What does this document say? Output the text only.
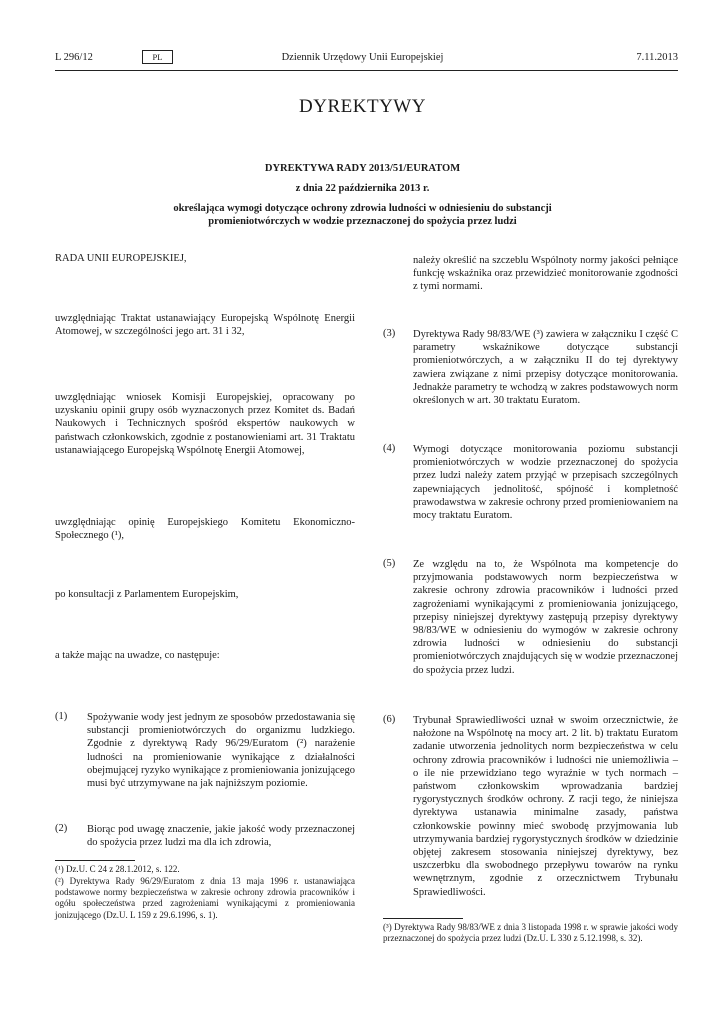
L 296/12	PL	Dziennik Urzędowy Unii Europejskiej	7.11.2013
DYREKTYWY
DYREKTYWA RADY 2013/51/EURATOM
z dnia 22 października 2013 r.
określająca wymogi dotyczące ochrony zdrowia ludności w odniesieniu do substancji
promieniotwórczych w wodzie przeznaczonej do spożycia przez ludzi

RADA UNII EUROPEJSKIEJ,

uwzględniając Traktat ustanawiający Europejską Wspólnotę Energii Atomowej, w szczególności jego art. 31 i 32,

uwzględniając wniosek Komisji Europejskiej, opracowany po uzyskaniu opinii grupy osób wyznaczonych przez Komitet ds. Badań Naukowych i Technicznych spośród ekspertów naukowych w państwach członkowskich, zgodnie z postanowieniami art. 31 Traktatu ustanawiającego Europejską Wspólnotę Energii Atomowej,

uwzględniając opinię Europejskiego Komitetu Ekonomiczno-Społecznego (¹),

po konsultacji z Parlamentem Europejskim,

a także mając na uwadze, co następuje:

(1) Spożywanie wody jest jednym ze sposobów przedostawania się substancji promieniotwórczych do organizmu ludzkiego. Zgodnie z dyrektywą Rady 96/29/Euratom (²) narażenie ludności na promieniowanie wynikające z działalności obejmującej ryzyko wynikające z promieniowania jonizującego musi być utrzymywane na jak najniższym poziomie.

(2) Biorąc pod uwagę znaczenie, jakie jakość wody przeznaczonej do spożycia przez ludzi ma dla ich zdrowia,

(¹) Dz.U. C 24 z 28.1.2012, s. 122.

(²) Dyrektywa Rady 96/29/Euratom z dnia 13 maja 1996 r. ustanawiająca podstawowe normy bezpieczeństwa w zakresie ochrony zdrowia pracowników i ogółu społeczeństwa przed zagrożeniami wynikającymi z promieniowania jonizującego (Dz.U. L 159 z 29.6.1996, s. 1).

należy określić na szczeblu Wspólnoty normy jakości pełniące funkcję wskaźnika oraz przewidzieć monitorowanie zgodności z tymi normami.

(3) Dyrektywa Rady 98/83/WE (³) zawiera w załączniku I część C parametry wskaźnikowe dotyczące substancji promieniotwórczych, a w załączniku II do tej dyrektywy zawiera związane z nimi przepisy dotyczące monitorowania. Jednakże parametry te wchodzą w zakres podstawowych norm określonych w art. 30 traktatu Euratom.

(4) Wymogi dotyczące monitorowania poziomu substancji promieniotwórczych w wodzie przeznaczonej do spożycia przez ludzi należy zatem przyjąć w przepisach szczególnych zapewniających jednolitość, spójność i kompletność prawodawstwa w zakresie ochrony przed promieniowaniem na mocy traktatu Euratom.

(5) Ze względu na to, że Wspólnota ma kompetencje do przyjmowania podstawowych norm bezpieczeństwa w zakresie ochrony zdrowia pracowników i ludności przed zagrożeniami wynikającymi z promieniowania jonizującego, przepisy niniejszej dyrektywy zastępują przepisy dyrektywy 98/83/WE w odniesieniu do wymogów w zakresie ochrony zdrowia ludności w odniesieniu do substancji promieniotwórczych znajdujących się w wodzie przeznaczonej do spożycia przez ludzi.

(6) Trybunał Sprawiedliwości uznał w swoim orzecznictwie, że nałożone na Wspólnotę na mocy art. 2 lit. b) traktatu Euratom zadanie utworzenia jednolitych norm bezpieczeństwa w celu ochrony zdrowia pracowników i ludności nie uniemożliwia – o ile nie przewidziano tego wyraźnie w tych normach – państwom członkowskim wprowadzania bardziej rygorystycznych środków ochrony. Z racji tego, że niniejsza dyrektywa ustanawia minimalne zasady, państwa członkowskie powinny mieć swobodę przyjmowania lub utrzymywania bardziej rygorystycznych środków w dziedzinie objętej zakresem stosowania niniejszej dyrektywy, bez uszczerbku dla swobodnego przepływu towarów na rynku wewnętrznym, zgodnie z orzecznictwem Trybunału Sprawiedliwości.

(³) Dyrektywa Rady 98/83/WE z dnia 3 listopada 1998 r. w sprawie jakości wody przeznaczonej do spożycia przez ludzi (Dz.U. L 330 z 5.12.1998, s. 32).
